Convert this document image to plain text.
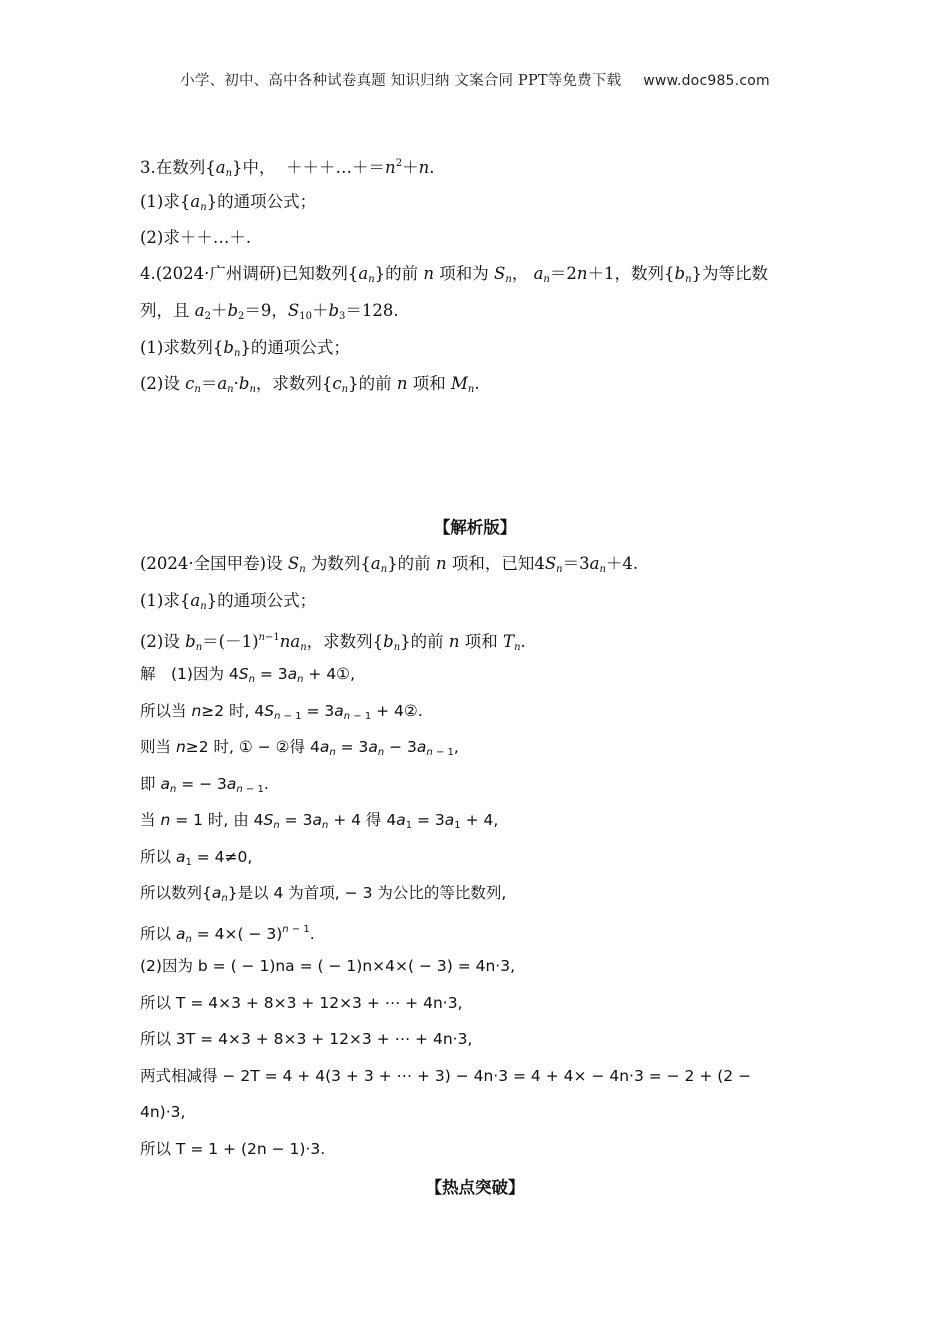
小学、初中、高中各种试卷真题 知识归纳 文案合同 PPT等免费下载 www.doc985.com
3.在数列$\{a_n\}$中， $+++\dots+=n^2+n$.
(1)求$\{a_n\}$的通项公式；
(2)求＋＋…＋.
4.(2024·广州调研)已知数列$\{a_n\}$的前 n 项和为 $S_n$， $a_n=2n+1$，数列$\{b_n\}$为等比数
列，且 $a_2+b_2=9$，$S_{10}+b_3=128$.
(1)求数列$\{b_n\}$的通项公式；
(2)设 $c_n=a_n\cdot b_n$，求数列$\{c_n\}$的前 n 项和 $M_n$.
【解析版】
(2024·全国甲卷)设 $S_n$ 为数列$\{a_n\}$的前 n 项和，已知$4S_n=3a_n+4$.
(1)求$\{a_n\}$的通项公式；
(2)设 $b_n=(-1)^{n-1}na_n$，求数列$\{b_n\}$的前 n 项和 $T_n$.
解　(1)因为 $4S_n = 3a_n$ + 4①,
所以当 n≥2 时, $4S_{n - 1} = 3a_{n - 1}$ + 4②.
则当 n≥2 时, ① − ②得 $4a_n = 3a_n - 3a_{n - 1}$,
即 $a_n$ = − $3a_{n - 1}$.
当 n = 1 时, 由 $4S_n = 3a_n + 4$ 得 $4a_1 = 3a_1 + 4$,
所以 $a_1 = 4\ne 0$,
所以数列$\{a_n\}$是以 4 为首项, − 3 为公比的等比数列,
所以 $a_n = 4\times( - 3)^{n - 1}$.
(2)因为 b = ( − 1)na = ( − 1)n×4×( − 3) = 4n·3,
所以 T = 4×3 + 8×3 + 12×3 + ⋯ + 4n·3,
所以 3T = 4×3 + 8×3 + 12×3 + ⋯ + 4n·3,
两式相减得 − 2T = 4 + 4(3 + 3 + ⋯ + 3) − 4n·3 = 4 + 4× − 4n·3 = − 2 + (2 −
4n)·3,
所以 T = 1 + (2n − 1)·3.
【热点突破】
